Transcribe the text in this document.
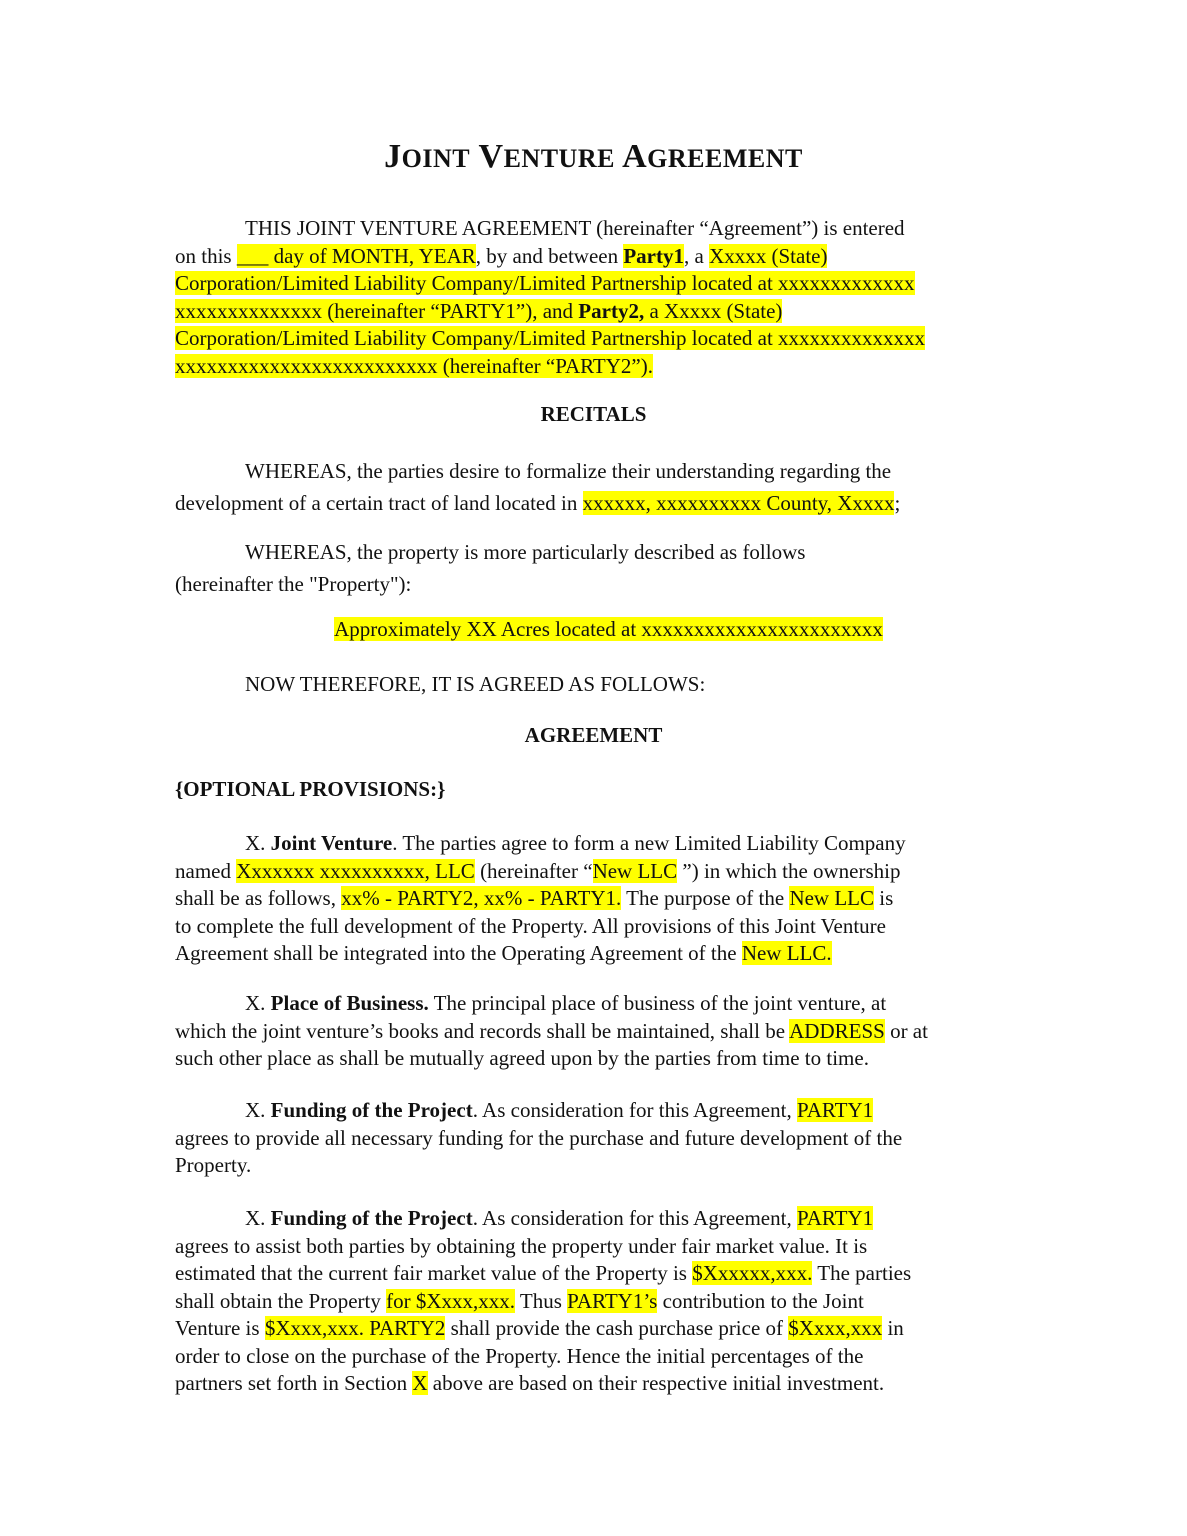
JOINT VENTURE AGREEMENT
THIS JOINT VENTURE AGREEMENT (hereinafter “Agreement”) is entered
on this ___ day of MONTH, YEAR, by and between Party1, a Xxxxx (State)
Corporation/Limited Liability Company/Limited Partnership located at xxxxxxxxxxxxx
xxxxxxxxxxxxxx (hereinafter “PARTY1”), and Party2, a Xxxxx (State)
Corporation/Limited Liability Company/Limited Partnership located at xxxxxxxxxxxxxx
xxxxxxxxxxxxxxxxxxxxxxxxx (hereinafter “PARTY2”).
RECITALS
WHEREAS, the parties desire to formalize their understanding regarding the
development of a certain tract of land located in xxxxxx, xxxxxxxxxx County, Xxxxx;
WHEREAS, the property is more particularly described as follows
(hereinafter the "Property"):
Approximately XX Acres located at xxxxxxxxxxxxxxxxxxxxxxx
NOW THEREFORE, IT IS AGREED AS FOLLOWS:
AGREEMENT
{OPTIONAL PROVISIONS:}
X. Joint Venture. The parties agree to form a new Limited Liability Company
named Xxxxxxx xxxxxxxxxx, LLC (hereinafter “New LLC ”) in which the ownership
shall be as follows, xx% - PARTY2, xx% - PARTY1. The purpose of the New LLC is
to complete the full development of the Property. All provisions of this Joint Venture
Agreement shall be integrated into the Operating Agreement of the New LLC.
X. Place of Business. The principal place of business of the joint venture, at
which the joint venture’s books and records shall be maintained, shall be ADDRESS or at
such other place as shall be mutually agreed upon by the parties from time to time.
X. Funding of the Project. As consideration for this Agreement, PARTY1
agrees to provide all necessary funding for the purchase and future development of the
Property.
X. Funding of the Project. As consideration for this Agreement, PARTY1
agrees to assist both parties by obtaining the property under fair market value. It is
estimated that the current fair market value of the Property is $Xxxxxx,xxx. The parties
shall obtain the Property for $Xxxx,xxx. Thus PARTY1’s contribution to the Joint
Venture is $Xxxx,xxx. PARTY2 shall provide the cash purchase price of $Xxxx,xxx in
order to close on the purchase of the Property. Hence the initial percentages of the
partners set forth in Section X above are based on their respective initial investment.
